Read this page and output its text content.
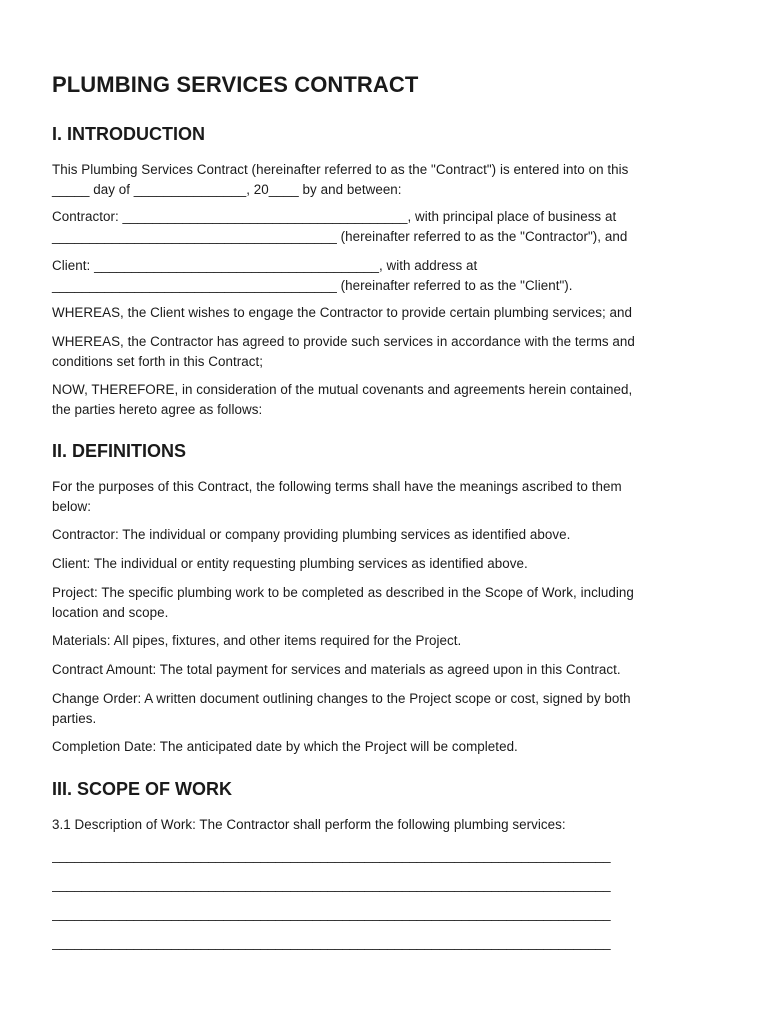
PLUMBING SERVICES CONTRACT
I. INTRODUCTION

This Plumbing Services Contract (hereinafter referred to as the "Contract") is entered into on this
_____ day of _______________, 20____ by and between:

Contractor: ______________________________________, with principal place of business at
______________________________________ (hereinafter referred to as the "Contractor"), and

Client: ______________________________________, with address at
______________________________________ (hereinafter referred to as the "Client").

WHEREAS, the Client wishes to engage the Contractor to provide certain plumbing services; and

WHEREAS, the Contractor has agreed to provide such services in accordance with the terms and
conditions set forth in this Contract;

NOW, THEREFORE, in consideration of the mutual covenants and agreements herein contained,
the parties hereto agree as follows:

II. DEFINITIONS

For the purposes of this Contract, the following terms shall have the meanings ascribed to them
below:

Contractor: The individual or company providing plumbing services as identified above.

Client: The individual or entity requesting plumbing services as identified above.

Project: The specific plumbing work to be completed as described in the Scope of Work, including
location and scope.

Materials: All pipes, fixtures, and other items required for the Project.

Contract Amount: The total payment for services and materials as agreed upon in this Contract.

Change Order: A written document outlining changes to the Project scope or cost, signed by both
parties.

Completion Date: The anticipated date by which the Project will be completed.

III. SCOPE OF WORK

3.1 Description of Work: The Contractor shall perform the following plumbing services:

___________________________________________________________________________

___________________________________________________________________________

___________________________________________________________________________

___________________________________________________________________________
